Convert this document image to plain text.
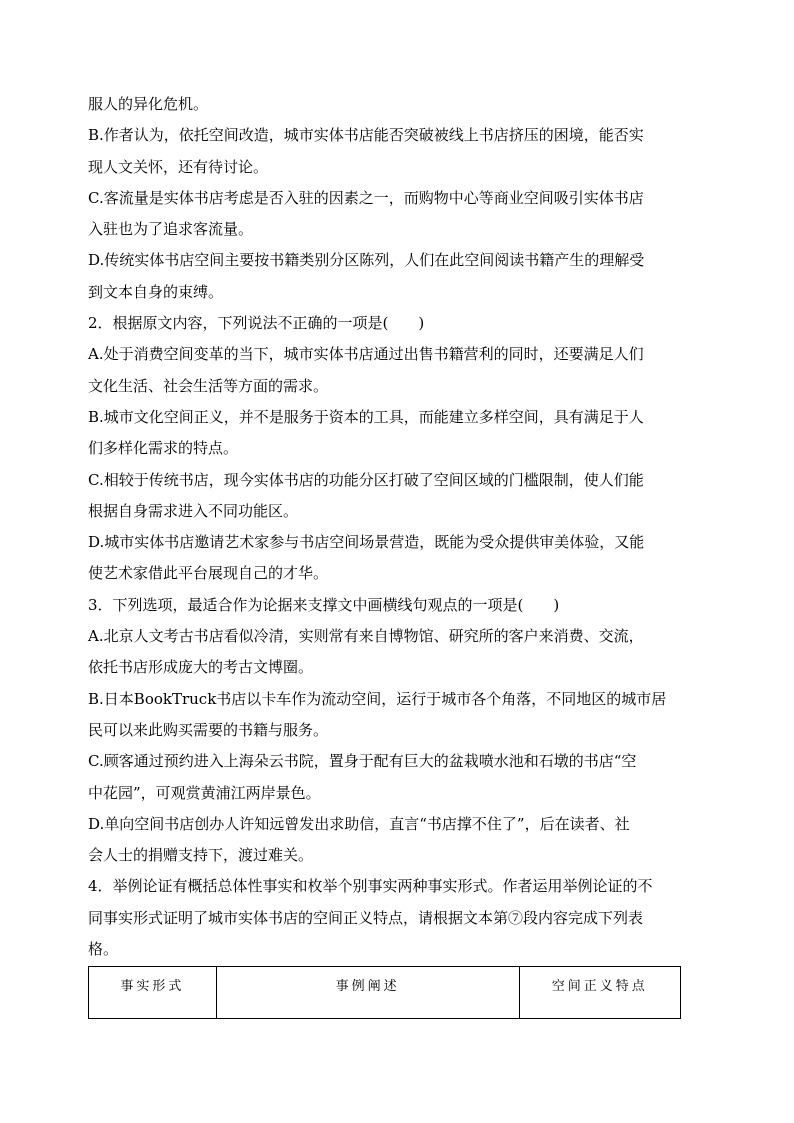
服人的异化危机。
B.作者认为，依托空间改造，城市实体书店能否突破被线上书店挤压的困境，能否实
现人文关怀，还有待讨论。
C.客流量是实体书店考虑是否入驻的因素之一，而购物中心等商业空间吸引实体书店
入驻也为了追求客流量。
D.传统实体书店空间主要按书籍类别分区陈列，人们在此空间阅读书籍产生的理解受
到文本自身的束缚。
2．根据原文内容，下列说法不正确的一项是(　　)
A.处于消费空间变革的当下，城市实体书店通过出售书籍营利的同时，还要满足人们
文化生活、社会生活等方面的需求。
B.城市文化空间正义，并不是服务于资本的工具，而能建立多样空间，具有满足于人
们多样化需求的特点。
C.相较于传统书店，现今实体书店的功能分区打破了空间区域的门槛限制，使人们能
根据自身需求进入不同功能区。
D.城市实体书店邀请艺术家参与书店空间场景营造，既能为受众提供审美体验，又能
使艺术家借此平台展现自己的才华。
3．下列选项，最适合作为论据来支撑文中画横线句观点的一项是(　　)
A.北京人文考古书店看似冷清，实则常有来自博物馆、研究所的客户来消费、交流，
依托书店形成庞大的考古文博圈。
B.日本BookTruck书店以卡车作为流动空间，运行于城市各个角落，不同地区的城市居
民可以来此购买需要的书籍与服务。
C.顾客通过预约进入上海朵云书院，置身于配有巨大的盆栽喷水池和石墩的书店“空
中花园”，可观赏黄浦江两岸景色。
D.单向空间书店创办人许知远曾发出求助信，直言“书店撑不住了”，后在读者、社
会人士的捐赠支持下，渡过难关。
4．举例论证有概括总体性事实和枚举个别事实两种事实形式。作者运用举例论证的不
同事实形式证明了城市实体书店的空间正义特点，请根据文本第⑦段内容完成下列表
格。
事实形式	事例阐述	空间正义特点
